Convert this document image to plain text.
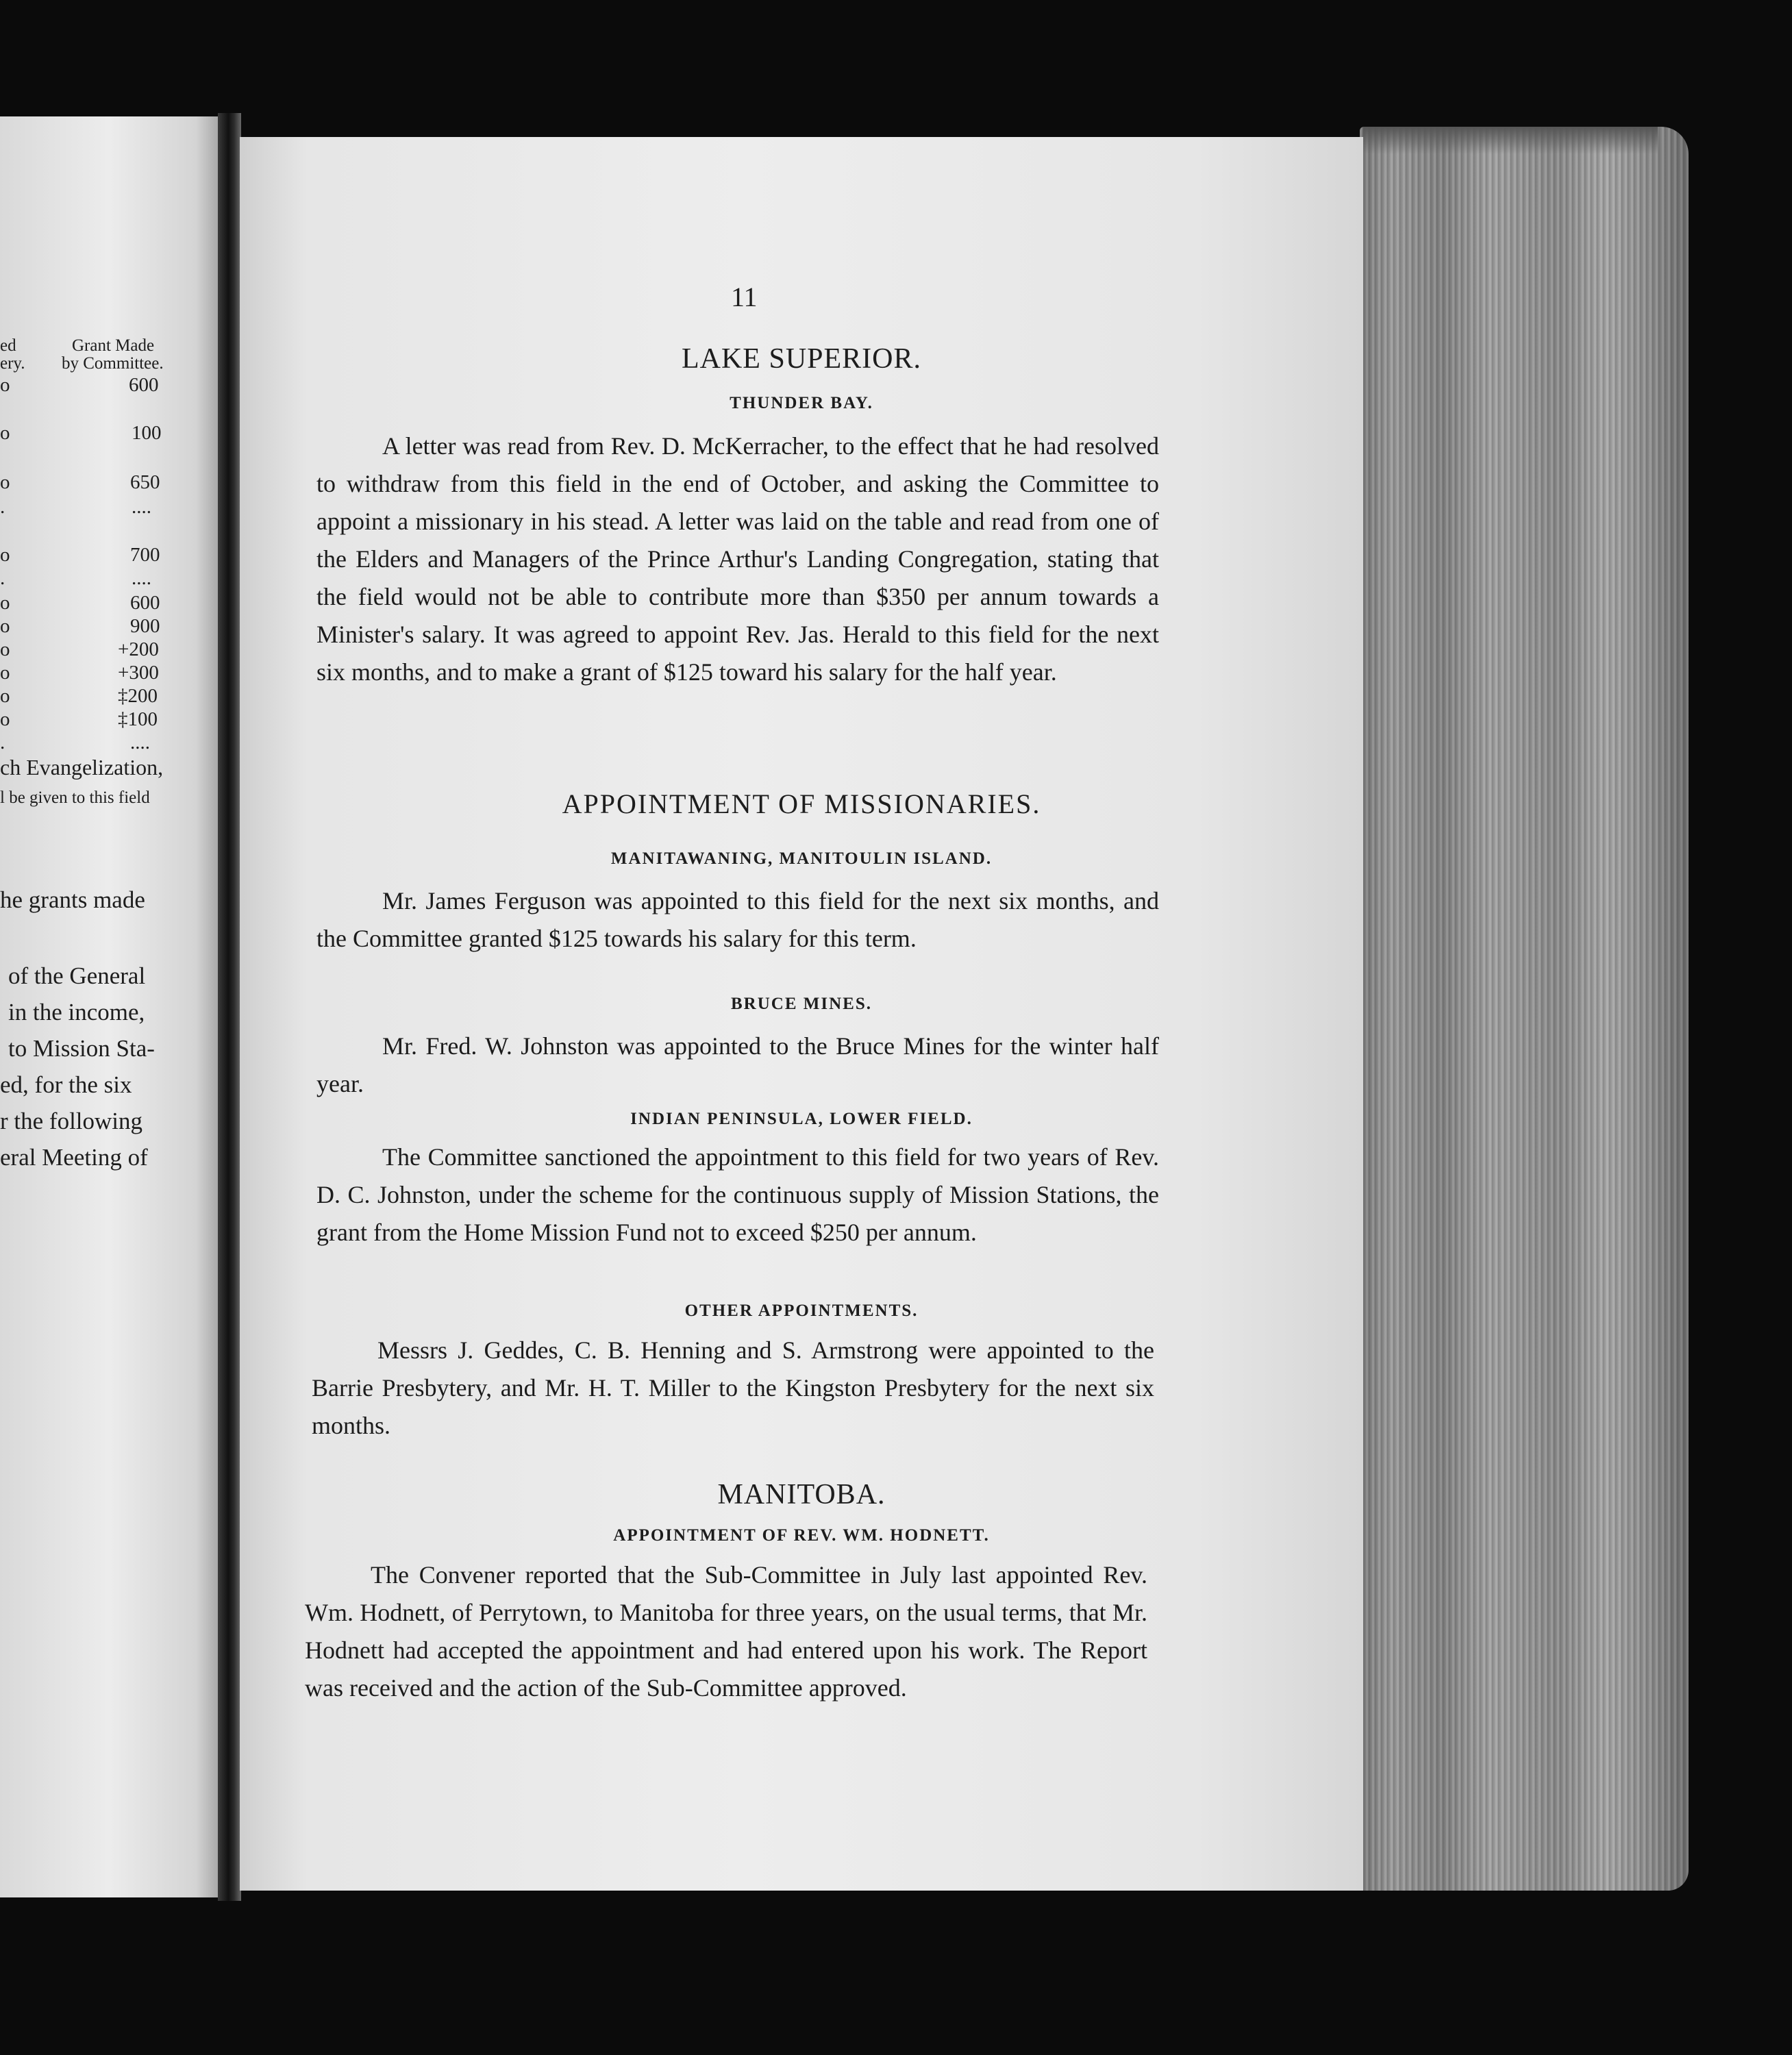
ed
ery.
Grant Made
by Committee.
o
o
o
.
o
.
o
o
o
o
o
o
.
600
100
650
....
700
....
600
900
+200
+300
‡200
‡100
....
ch Evangelization,
l be given to this field
he grants made
of the General
in the income,
to Mission Sta-
ed, for the six
r the following
eral Meeting of
11
LAKE SUPERIOR.
THUNDER BAY.
A letter was read from Rev. D. McKerracher, to the effect that he had resolved to withdraw from this field in the end of October, and asking the Committee to appoint a missionary in his stead. A letter was laid on the table and read from one of the Elders and Managers of the Prince Arthur's Landing Congregation, stating that the field would not be able to contribute more than $350 per annum towards a Minister's salary. It was agreed to appoint Rev. Jas. Herald to this field for the next six months, and to make a grant of $125 toward his salary for the half year.
APPOINTMENT OF MISSIONARIES.
MANITAWANING, MANITOULIN ISLAND.
Mr. James Ferguson was appointed to this field for the next six months, and the Committee granted $125 towards his salary for this term.
BRUCE MINES.
Mr. Fred. W. Johnston was appointed to the Bruce Mines for the winter half year.
INDIAN PENINSULA, LOWER FIELD.
The Committee sanctioned the appointment to this field for two years of Rev. D. C. Johnston, under the scheme for the continuous supply of Mission Stations, the grant from the Home Mission Fund not to exceed $250 per annum.
OTHER APPOINTMENTS.
Messrs J. Geddes, C. B. Henning and S. Armstrong were appointed to the Barrie Presbytery, and Mr. H. T. Miller to the Kingston Presbytery for the next six months.
MANITOBA.
APPOINTMENT OF REV. WM. HODNETT.
The Convener reported that the Sub-Committee in July last appointed Rev. Wm. Hodnett, of Perrytown, to Manitoba for three years, on the usual terms, that Mr. Hodnett had accepted the appointment and had entered upon his work. The Report was received and the action of the Sub-Committee approved.
